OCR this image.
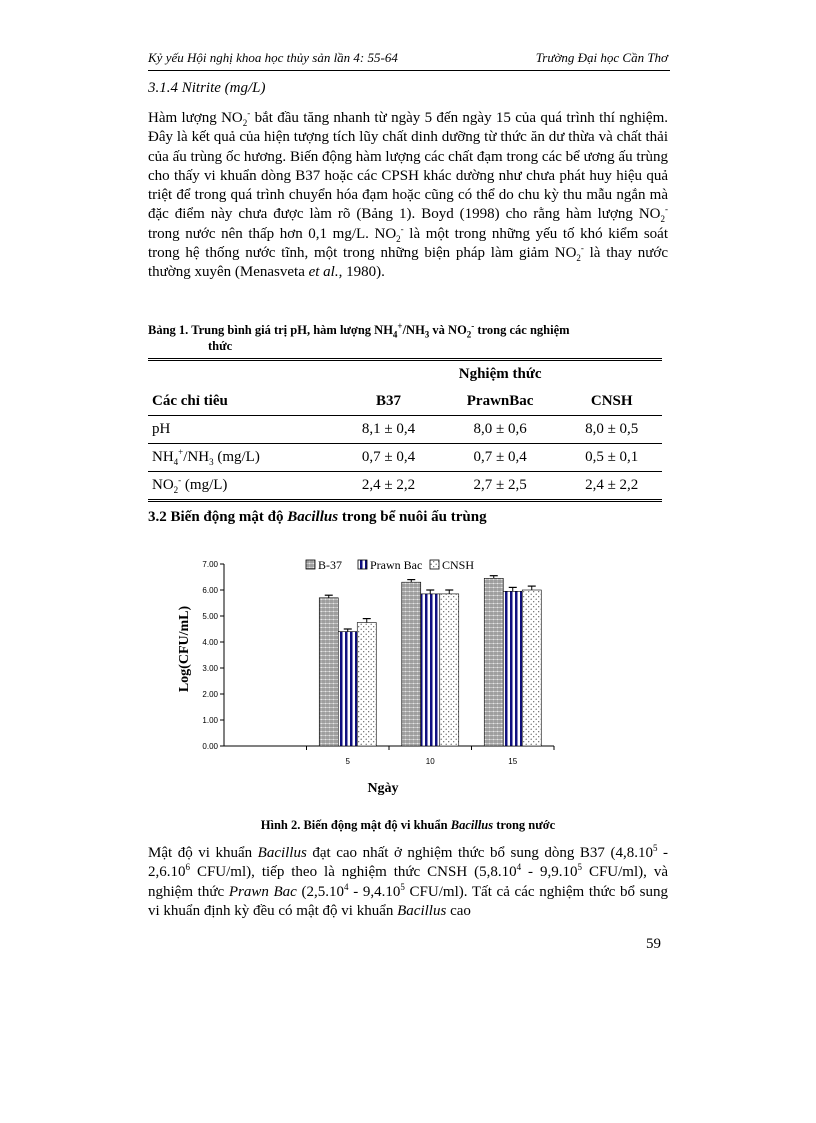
Kỷ yếu Hội nghị khoa học thủy sản lần 4: 55-64	Trường Đại học Cần Thơ
3.1.4 Nitrite (mg/L)
Hàm lượng $NO_2^-$ bắt đầu tăng nhanh từ ngày 5 đến ngày 15 của quá trình thí nghiệm. Đây là kết quả của hiện tượng tích lũy chất dinh dưỡng từ thức ăn dư thừa và chất thải của ấu trùng ốc hương. Biến động hàm lượng các chất đạm trong các bể ương ấu trùng cho thấy vi khuẩn dòng B37 hoặc các CPSH khác dường như chưa phát huy hiệu quả triệt để trong quá trình chuyển hóa đạm hoặc cũng có thể do chu kỳ thu mẫu ngắn mà đặc điểm này chưa được làm rõ (Bảng 1). Boyd (1998) cho rằng hàm lượng $NO_2^-$ trong nước nên thấp hơn 0,1 mg/L. $NO_2^-$ là một trong những yếu tố khó kiểm soát trong hệ thống nước tĩnh, một trong những biện pháp làm giảm $NO_2^-$ là thay nước thường xuyên (Menasveta et al., 1980).
Bảng 1. Trung bình giá trị pH, hàm lượng $NH_4^+/NH_3$ và $NO_2^-$ trong các nghiệm
thức
	Nghiệm thức		
Các chỉ tiêu	B37	PrawnBac	CNSH
pH	8,1 ± 0,4	8,0 ± 0,6	8,0 ± 0,5
$NH_4^+/NH_3$ (mg/L)	0,7 ± 0,4	0,7 ± 0,4	0,5 ± 0,1
$NO_2^-$ (mg/L)	2,4 ± 2,2	2,7 ± 2,5	2,4 ± 2,2
3.2 Biến động mật độ Bacillus trong bể nuôi ấu trùng
0.00
1.00
2.00
3.00
4.00
5.00
6.00
7.00
5	10	15
B-37 Prawn Bac CNSH
Log(CFU/mL)
Ngày
Hình 2. Biến động mật độ vi khuẩn Bacillus trong nước
Mật độ vi khuẩn Bacillus đạt cao nhất ở nghiệm thức bổ sung dòng B37 (4,8.10$^5$ - 2,6.10$^6$ CFU/ml), tiếp theo là nghiệm thức CNSH (5,8.10$^4$ - 9,9.10$^5$ CFU/ml), và nghiệm thức Prawn Bac (2,5.10$^4$ - 9,4.10$^5$ CFU/ml). Tất cả các nghiệm thức bổ sung vi khuẩn định kỳ đều có mật độ vi khuẩn Bacillus cao
59
